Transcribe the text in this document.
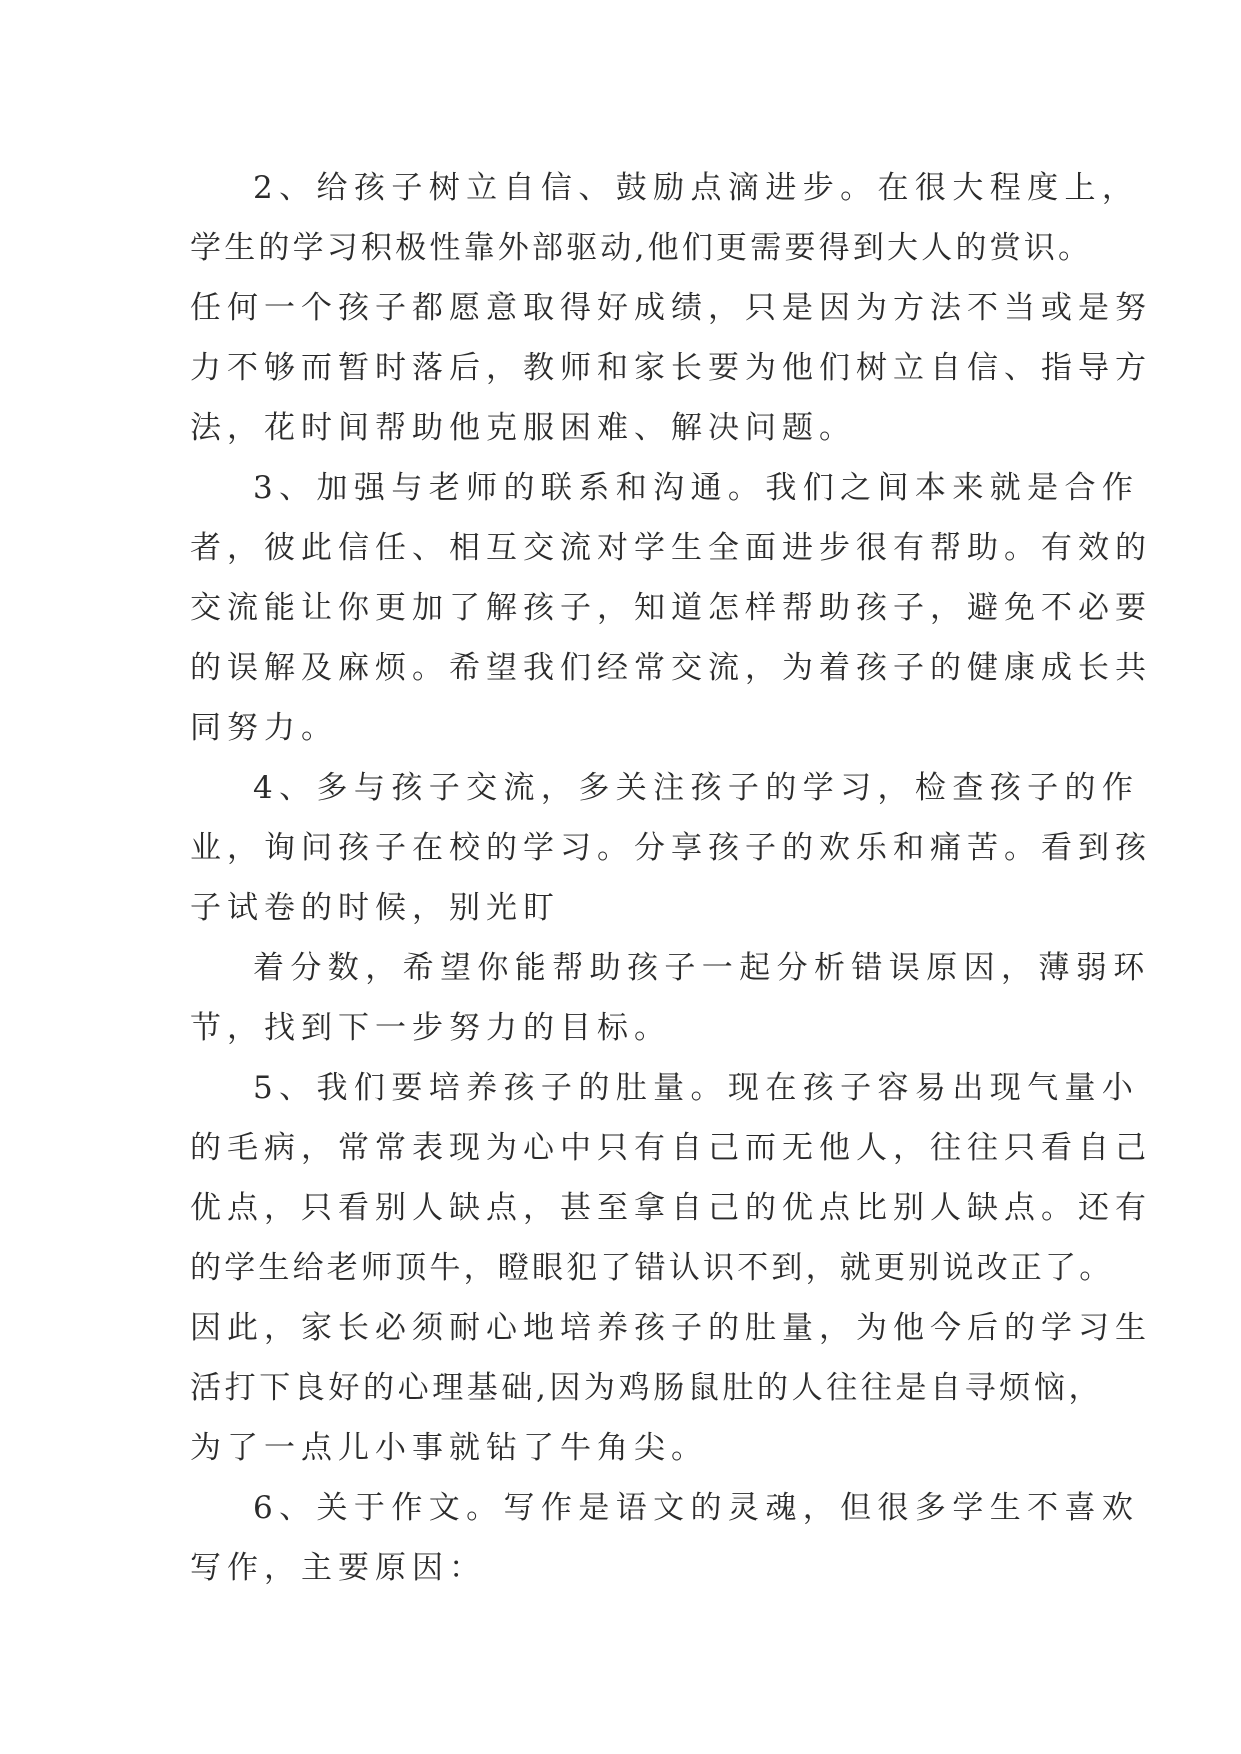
2、给孩子树立自信、鼓励点滴进步。在很大程度上，
学生的学习积极性靠外部驱动,他们更需要得到大人的赏识。
任何一个孩子都愿意取得好成绩，只是因为方法不当或是努
力不够而暂时落后，教师和家长要为他们树立自信、指导方
法，花时间帮助他克服困难、解决问题。
3、加强与老师的联系和沟通。我们之间本来就是合作
者，彼此信任、相互交流对学生全面进步很有帮助。有效的
交流能让你更加了解孩子，知道怎样帮助孩子，避免不必要
的误解及麻烦。希望我们经常交流，为着孩子的健康成长共
同努力。
4、多与孩子交流，多关注孩子的学习，检查孩子的作
业，询问孩子在校的学习。分享孩子的欢乐和痛苦。看到孩
子试卷的时候，别光盯
着分数，希望你能帮助孩子一起分析错误原因，薄弱环
节，找到下一步努力的目标。
5、我们要培养孩子的肚量。现在孩子容易出现气量小
的毛病，常常表现为心中只有自己而无他人，往往只看自己
优点，只看别人缺点，甚至拿自己的优点比别人缺点。还有
的学生给老师顶牛，瞪眼犯了错认识不到，就更别说改正了。
因此，家长必须耐心地培养孩子的肚量，为他今后的学习生
活打下良好的心理基础,因为鸡肠鼠肚的人往往是自寻烦恼，
为了一点儿小事就钻了牛角尖。
6、关于作文。写作是语文的灵魂，但很多学生不喜欢
写作，主要原因：
